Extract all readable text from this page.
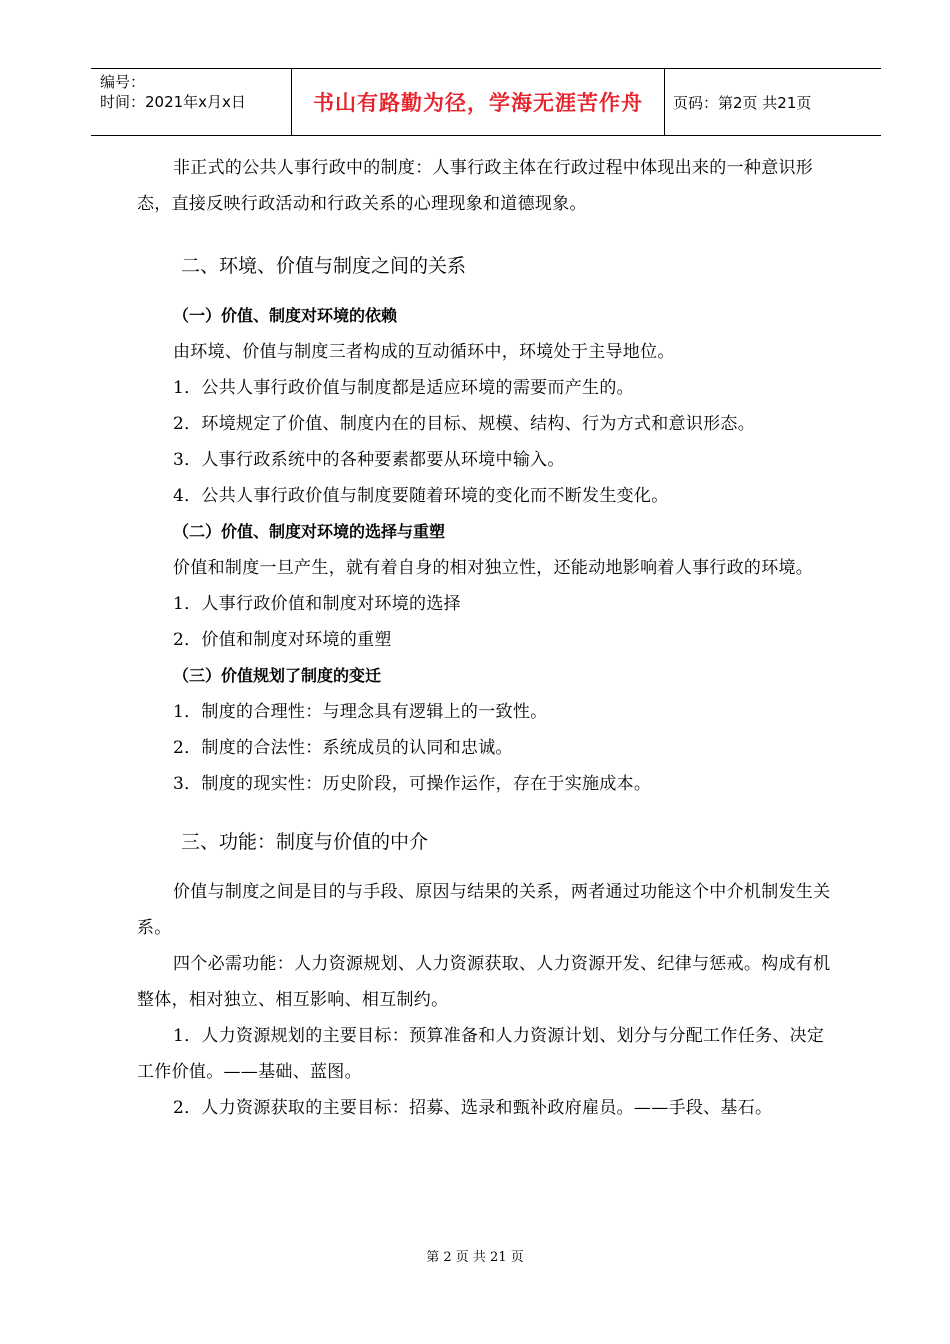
编号：
时间：2021年x月x日	书山有路勤为径，学海无涯苦作舟	页码：第2页 共21页

非正式的公共人事行政中的制度：人事行政主体在行政过程中体现出来的一种意识形态，直接反映行政活动和行政关系的心理现象和道德现象。

二、环境、价值与制度之间的关系
（一）价值、制度对环境的依赖

由环境、价值与制度三者构成的互动循环中，环境处于主导地位。

1．公共人事行政价值与制度都是适应环境的需要而产生的。

2．环境规定了价值、制度内在的目标、规模、结构、行为方式和意识形态。

3．人事行政系统中的各种要素都要从环境中输入。

4．公共人事行政价值与制度要随着环境的变化而不断发生变化。

（二）价值、制度对环境的选择与重塑

价值和制度一旦产生，就有着自身的相对独立性，还能动地影响着人事行政的环境。

1．人事行政价值和制度对环境的选择

2．价值和制度对环境的重塑

（三）价值规划了制度的变迁

1．制度的合理性：与理念具有逻辑上的一致性。

2．制度的合法性：系统成员的认同和忠诚。

3．制度的现实性：历史阶段，可操作运作，存在于实施成本。

三、功能：制度与价值的中介

价值与制度之间是目的与手段、原因与结果的关系，两者通过功能这个中介机制发生关系。

四个必需功能：人力资源规划、人力资源获取、人力资源开发、纪律与惩戒。构成有机整体，相对独立、相互影响、相互制约。

1．人力资源规划的主要目标：预算准备和人力资源计划、划分与分配工作任务、决定工作价值。——基础、蓝图。

2．人力资源获取的主要目标：招募、选录和甄补政府雇员。——手段、基石。

第 2 页 共 21 页
